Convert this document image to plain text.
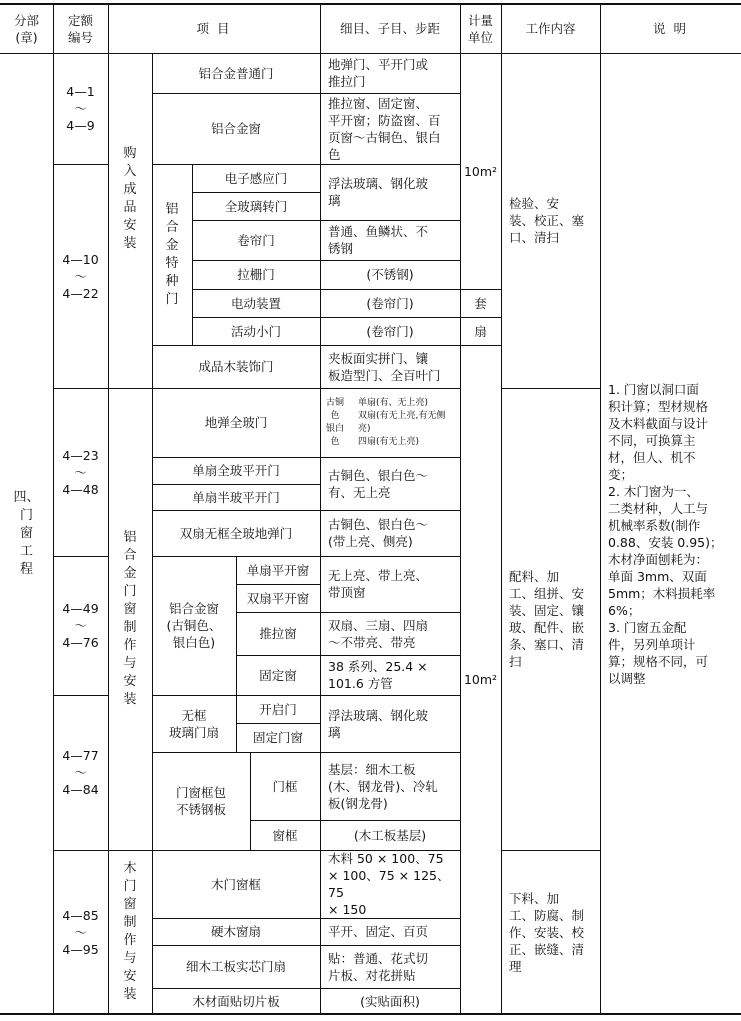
分部
(章)
定额
编号
项 目	细目、子目、步距
计量
单位
工作内容	说 明
四、
门
窗
工
程
4—1
～
4—9
4—10
～
4—22
4—23
～
4—48
4—49
～
4—76
4—77
～
4—84
4—85
～
4—95
购
入
成
品
安
装
铝
合
金
门
窗
制
作
与
安
装
木
门
窗
制
作
与
安
装
铝合金普通门
铝合金窗
铝
合
金
特
种
门
电子感应门
全玻璃转门
卷帘门
拉栅门
电动装置
活动小门
成品木装饰门
地弹门、平开门或
推拉门
推拉窗、固定窗、
平开窗；防盗窗、百
页窗～古铜色、银白
色
浮法玻璃、钢化玻
璃
普通、鱼鳞状、不
锈钢
(不锈钢)
(卷帘门)
(卷帘门)
夹板面实拼门、镶
板造型门、全百叶门
10m²
套
扇
10m²
检验、安
装、校正、塞
口、清扫
配料、加
工、组拼、安
装、固定、镶
玻、配件、嵌
条、塞口、清
扫
下料、加
工、防腐、制
作、安装、校
正、嵌缝、清
理
1. 门窗以洞口面
积计算；型材规格
及木料截面与设计
不同，可换算主
材，但人、机不
变；
2. 木门窗为一、
二类材种，人工与
机械率系数(制作
0.88、安装 0.95)；
木材净面刨耗为：
单面 3mm、双面
5mm；木料损耗率
6%；
3. 门窗五金配
件，另列单项计
算；规格不同，可
以调整
地弹全玻门
单扇全玻平开门
单扇半玻平开门
双扇无框全玻地弹门
铝合金窗
(古铜色、
银白色)
单扇平开窗
双扇平开窗
推拉窗
固定窗
无框
玻璃门扇
开启门
固定门窗
门窗框包
不锈钢板
门框
窗框
古铜色
银白色
单扇(有、无上亮)
双扇(有无上亮,有无侧亮)
四扇(有无上亮)
古铜色、银白色～
有、无上亮
古铜色、银白色～
(带上亮、侧亮)
无上亮、带上亮、
带顶窗
双扇、三扇、四扇
～不带亮、带亮
38 系列、25.4 ×
101.6 方管
浮法玻璃、钢化玻
璃
基层：细木工板
(木、钢龙骨)、冷轧
板(钢龙骨)
(木工板基层)
木门窗框
硬木窗扇
细木工板实芯门扇
木材面贴切片板
木料 50 × 100、75
× 100、75 × 125、75
× 150
平开、固定、百页
贴：普通、花式切
片板、对花拼贴
(实贴面积)
